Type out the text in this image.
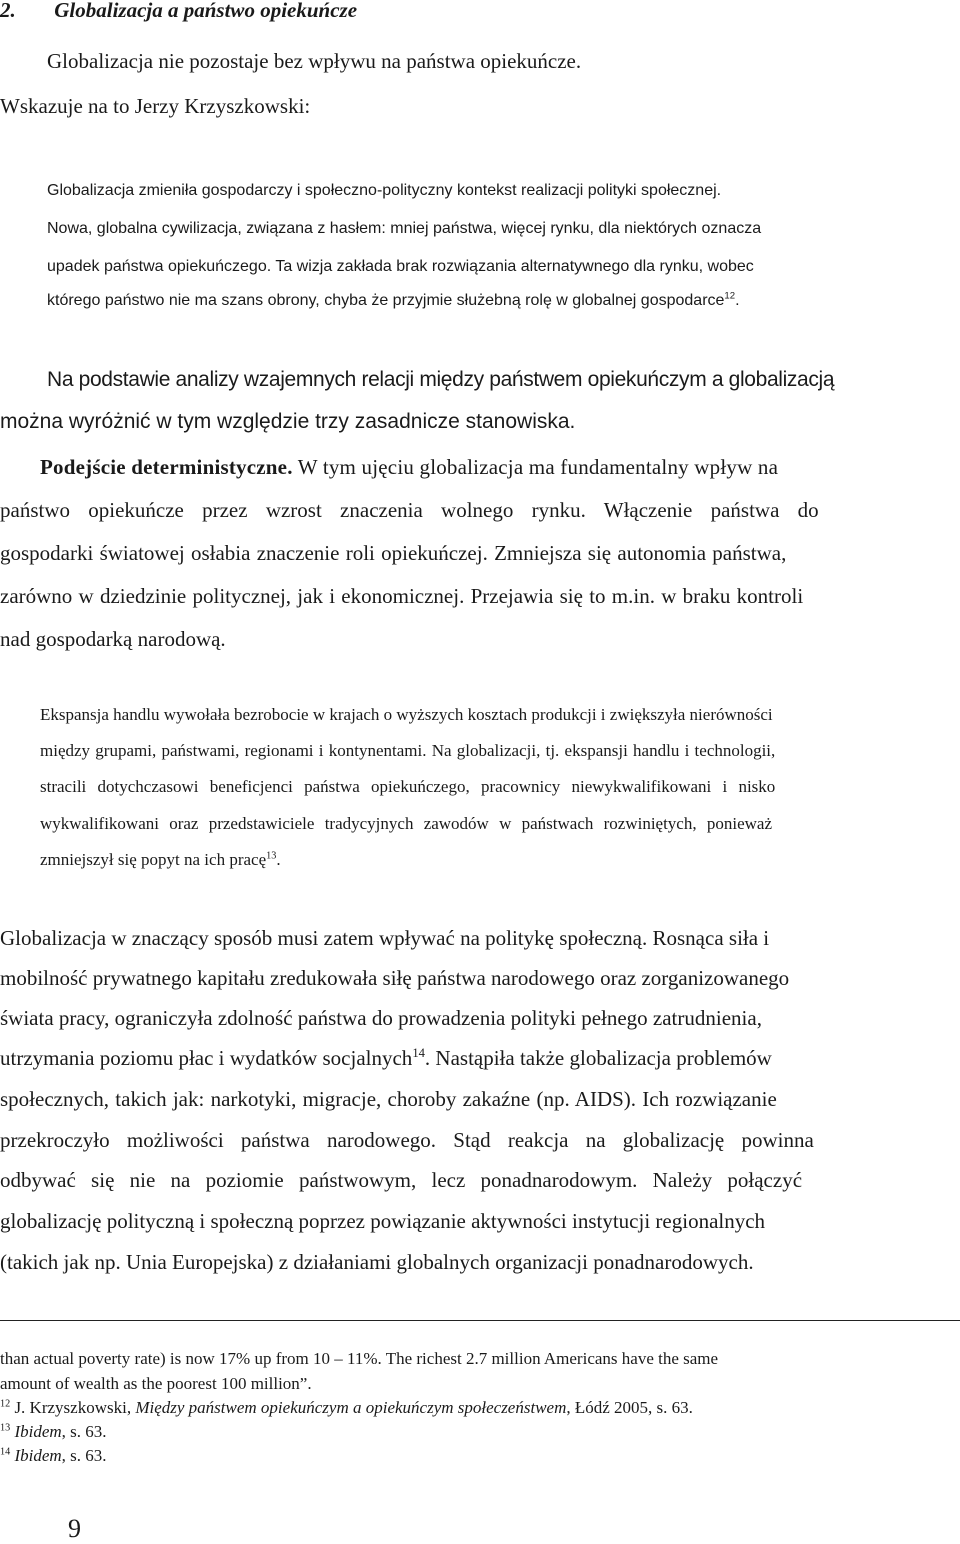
2. Globalizacja a państwo opiekuńcze
Globalizacja nie pozostaje bez wpływu na państwa opiekuńcze.
Wskazuje na to Jerzy Krzyszkowski:
Globalizacja zmieniła gospodarczy i społeczno-polityczny kontekst realizacji polityki społecznej.
Nowa, globalna cywilizacja, związana z hasłem: mniej państwa, więcej rynku, dla niektórych oznacza
upadek państwa opiekuńczego. Ta wizja zakłada brak rozwiązania alternatywnego dla rynku, wobec
którego państwo nie ma szans obrony, chyba że przyjmie służebną rolę w globalnej gospodarce$^{12}$.
Na podstawie analizy wzajemnych relacji między państwem opiekuńczym a globalizacją
można wyróżnić w tym względzie trzy zasadnicze stanowiska.
Podejście deterministyczne. W tym ujęciu globalizacja ma fundamentalny wpływ na
państwo opiekuńcze przez wzrost znaczenia wolnego rynku. Włączenie państwa do
gospodarki światowej osłabia znaczenie roli opiekuńczej. Zmniejsza się autonomia państwa,
zarówno w dziedzinie politycznej, jak i ekonomicznej. Przejawia się to m.in. w braku kontroli
nad gospodarką narodową.
Ekspansja handlu wywołała bezrobocie w krajach o wyższych kosztach produkcji i zwiększyła nierówności
między grupami, państwami, regionami i kontynentami. Na globalizacji, tj. ekspansji handlu i technologii,
stracili dotychczasowi beneficjenci państwa opiekuńczego, pracownicy niewykwalifikowani i nisko
wykwalifikowani oraz przedstawiciele tradycyjnych zawodów w państwach rozwiniętych, ponieważ
zmniejszył się popyt na ich pracę$^{13}$.
Globalizacja w znaczący sposób musi zatem wpływać na politykę społeczną. Rosnąca siła i
mobilność prywatnego kapitału zredukowała siłę państwa narodowego oraz zorganizowanego
świata pracy, ograniczyła zdolność państwa do prowadzenia polityki pełnego zatrudnienia,
utrzymania poziomu płac i wydatków socjalnych$^{14}$. Nastąpiła także globalizacja problemów
społecznych, takich jak: narkotyki, migracje, choroby zakaźne (np. AIDS). Ich rozwiązanie
przekroczyło możliwości państwa narodowego. Stąd reakcja na globalizację powinna
odbywać się nie na poziomie państwowym, lecz ponadnarodowym. Należy połączyć
globalizację polityczną i społeczną poprzez powiązanie aktywności instytucji regionalnych
(takich jak np. Unia Europejska) z działaniami globalnych organizacji ponadnarodowych.
than actual poverty rate) is now 17% up from 10 – 11%. The richest 2.7 million Americans have the same
amount of wealth as the poorest 100 million”.
$^{12}$ J. Krzyszkowski, Między państwem opiekuńczym a opiekuńczym społeczeństwem, Łódź 2005, s. 63.
$^{13}$ Ibidem, s. 63.
$^{14}$ Ibidem, s. 63.
9
